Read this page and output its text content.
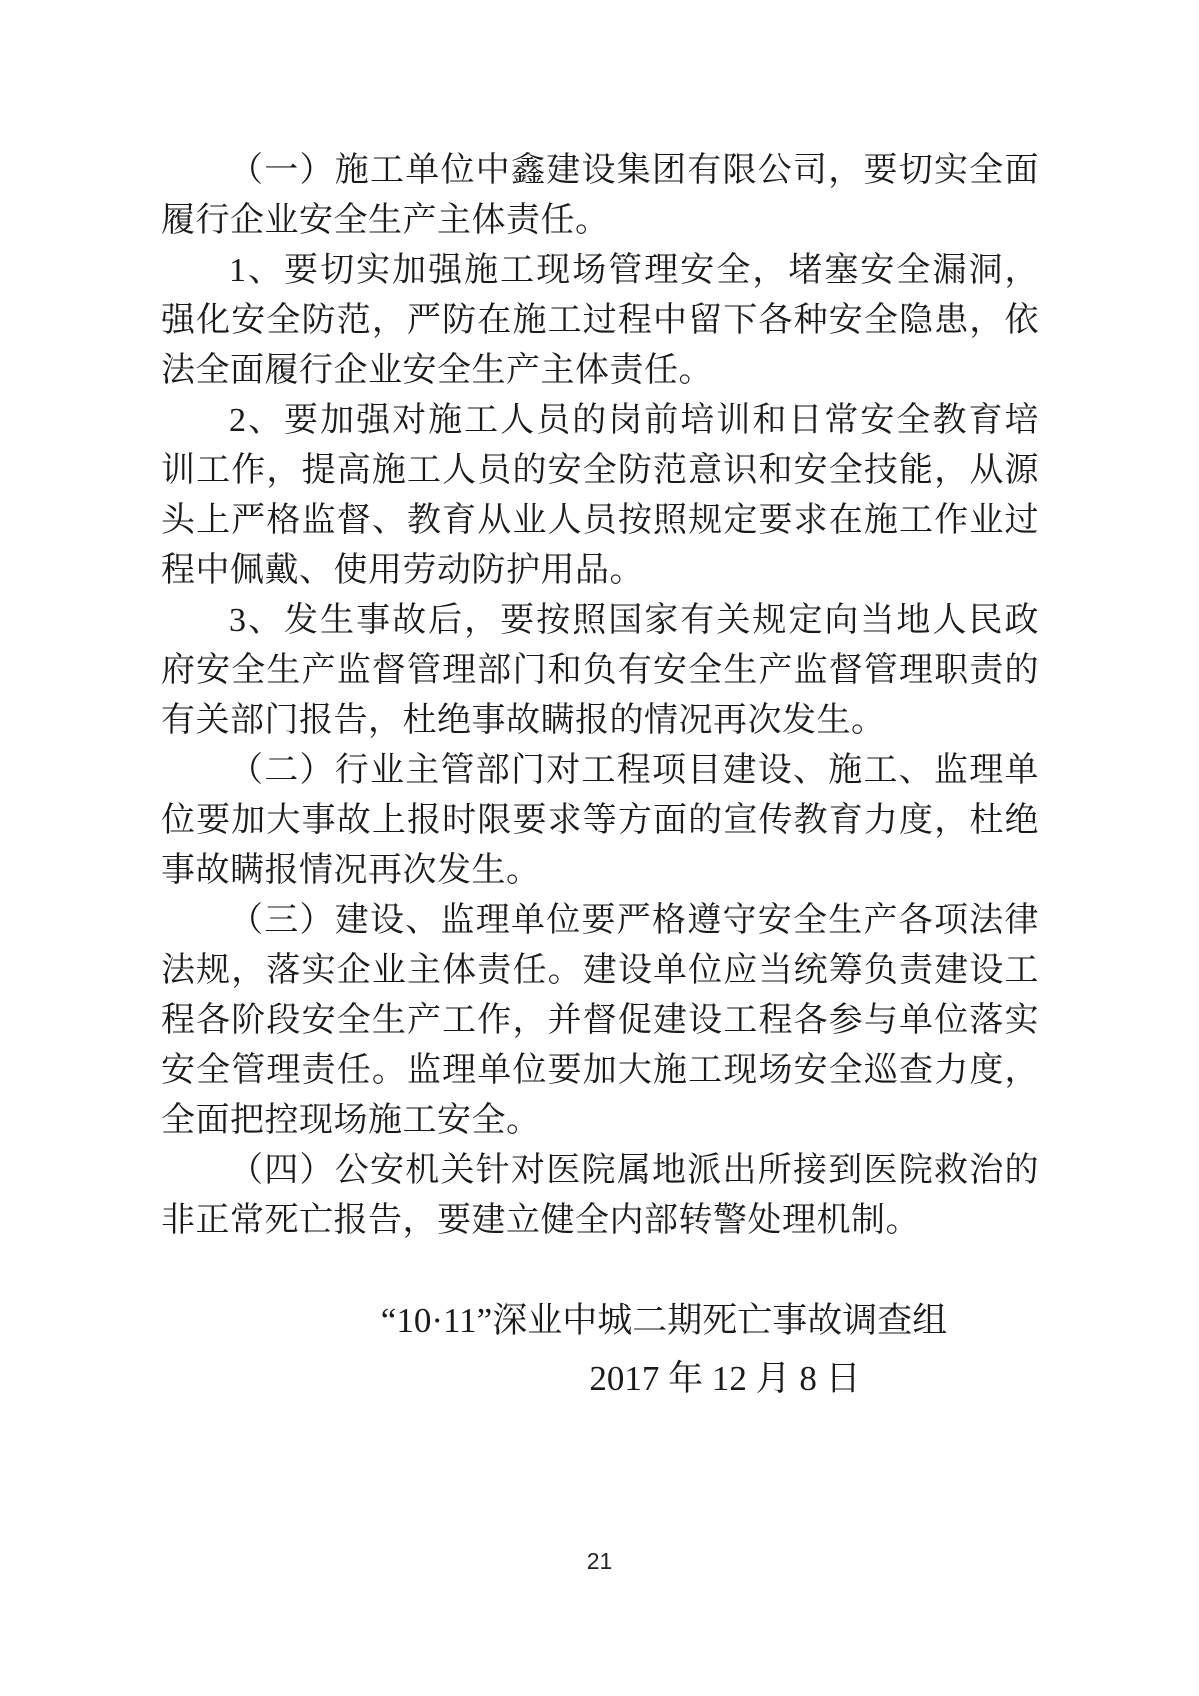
（一）施工单位中鑫建设集团有限公司，要切实全面履行企业安全生产主体责任。

1、要切实加强施工现场管理安全，堵塞安全漏洞，强化安全防范，严防在施工过程中留下各种安全隐患，依法全面履行企业安全生产主体责任。

2、要加强对施工人员的岗前培训和日常安全教育培训工作，提高施工人员的安全防范意识和安全技能，从源头上严格监督、教育从业人员按照规定要求在施工作业过程中佩戴、使用劳动防护用品。

3、发生事故后，要按照国家有关规定向当地人民政府安全生产监督管理部门和负有安全生产监督管理职责的有关部门报告，杜绝事故瞒报的情况再次发生。

（二）行业主管部门对工程项目建设、施工、监理单位要加大事故上报时限要求等方面的宣传教育力度，杜绝事故瞒报情况再次发生。

（三）建设、监理单位要严格遵守安全生产各项法律法规，落实企业主体责任。建设单位应当统筹负责建设工程各阶段安全生产工作，并督促建设工程各参与单位落实安全管理责任。监理单位要加大施工现场安全巡查力度，全面把控现场施工安全。

（四）公安机关针对医院属地派出所接到医院救治的非正常死亡报告，要建立健全内部转警处理机制。

“10·11”深业中城二期死亡事故调查组

2017 年 12 月 8 日

21
